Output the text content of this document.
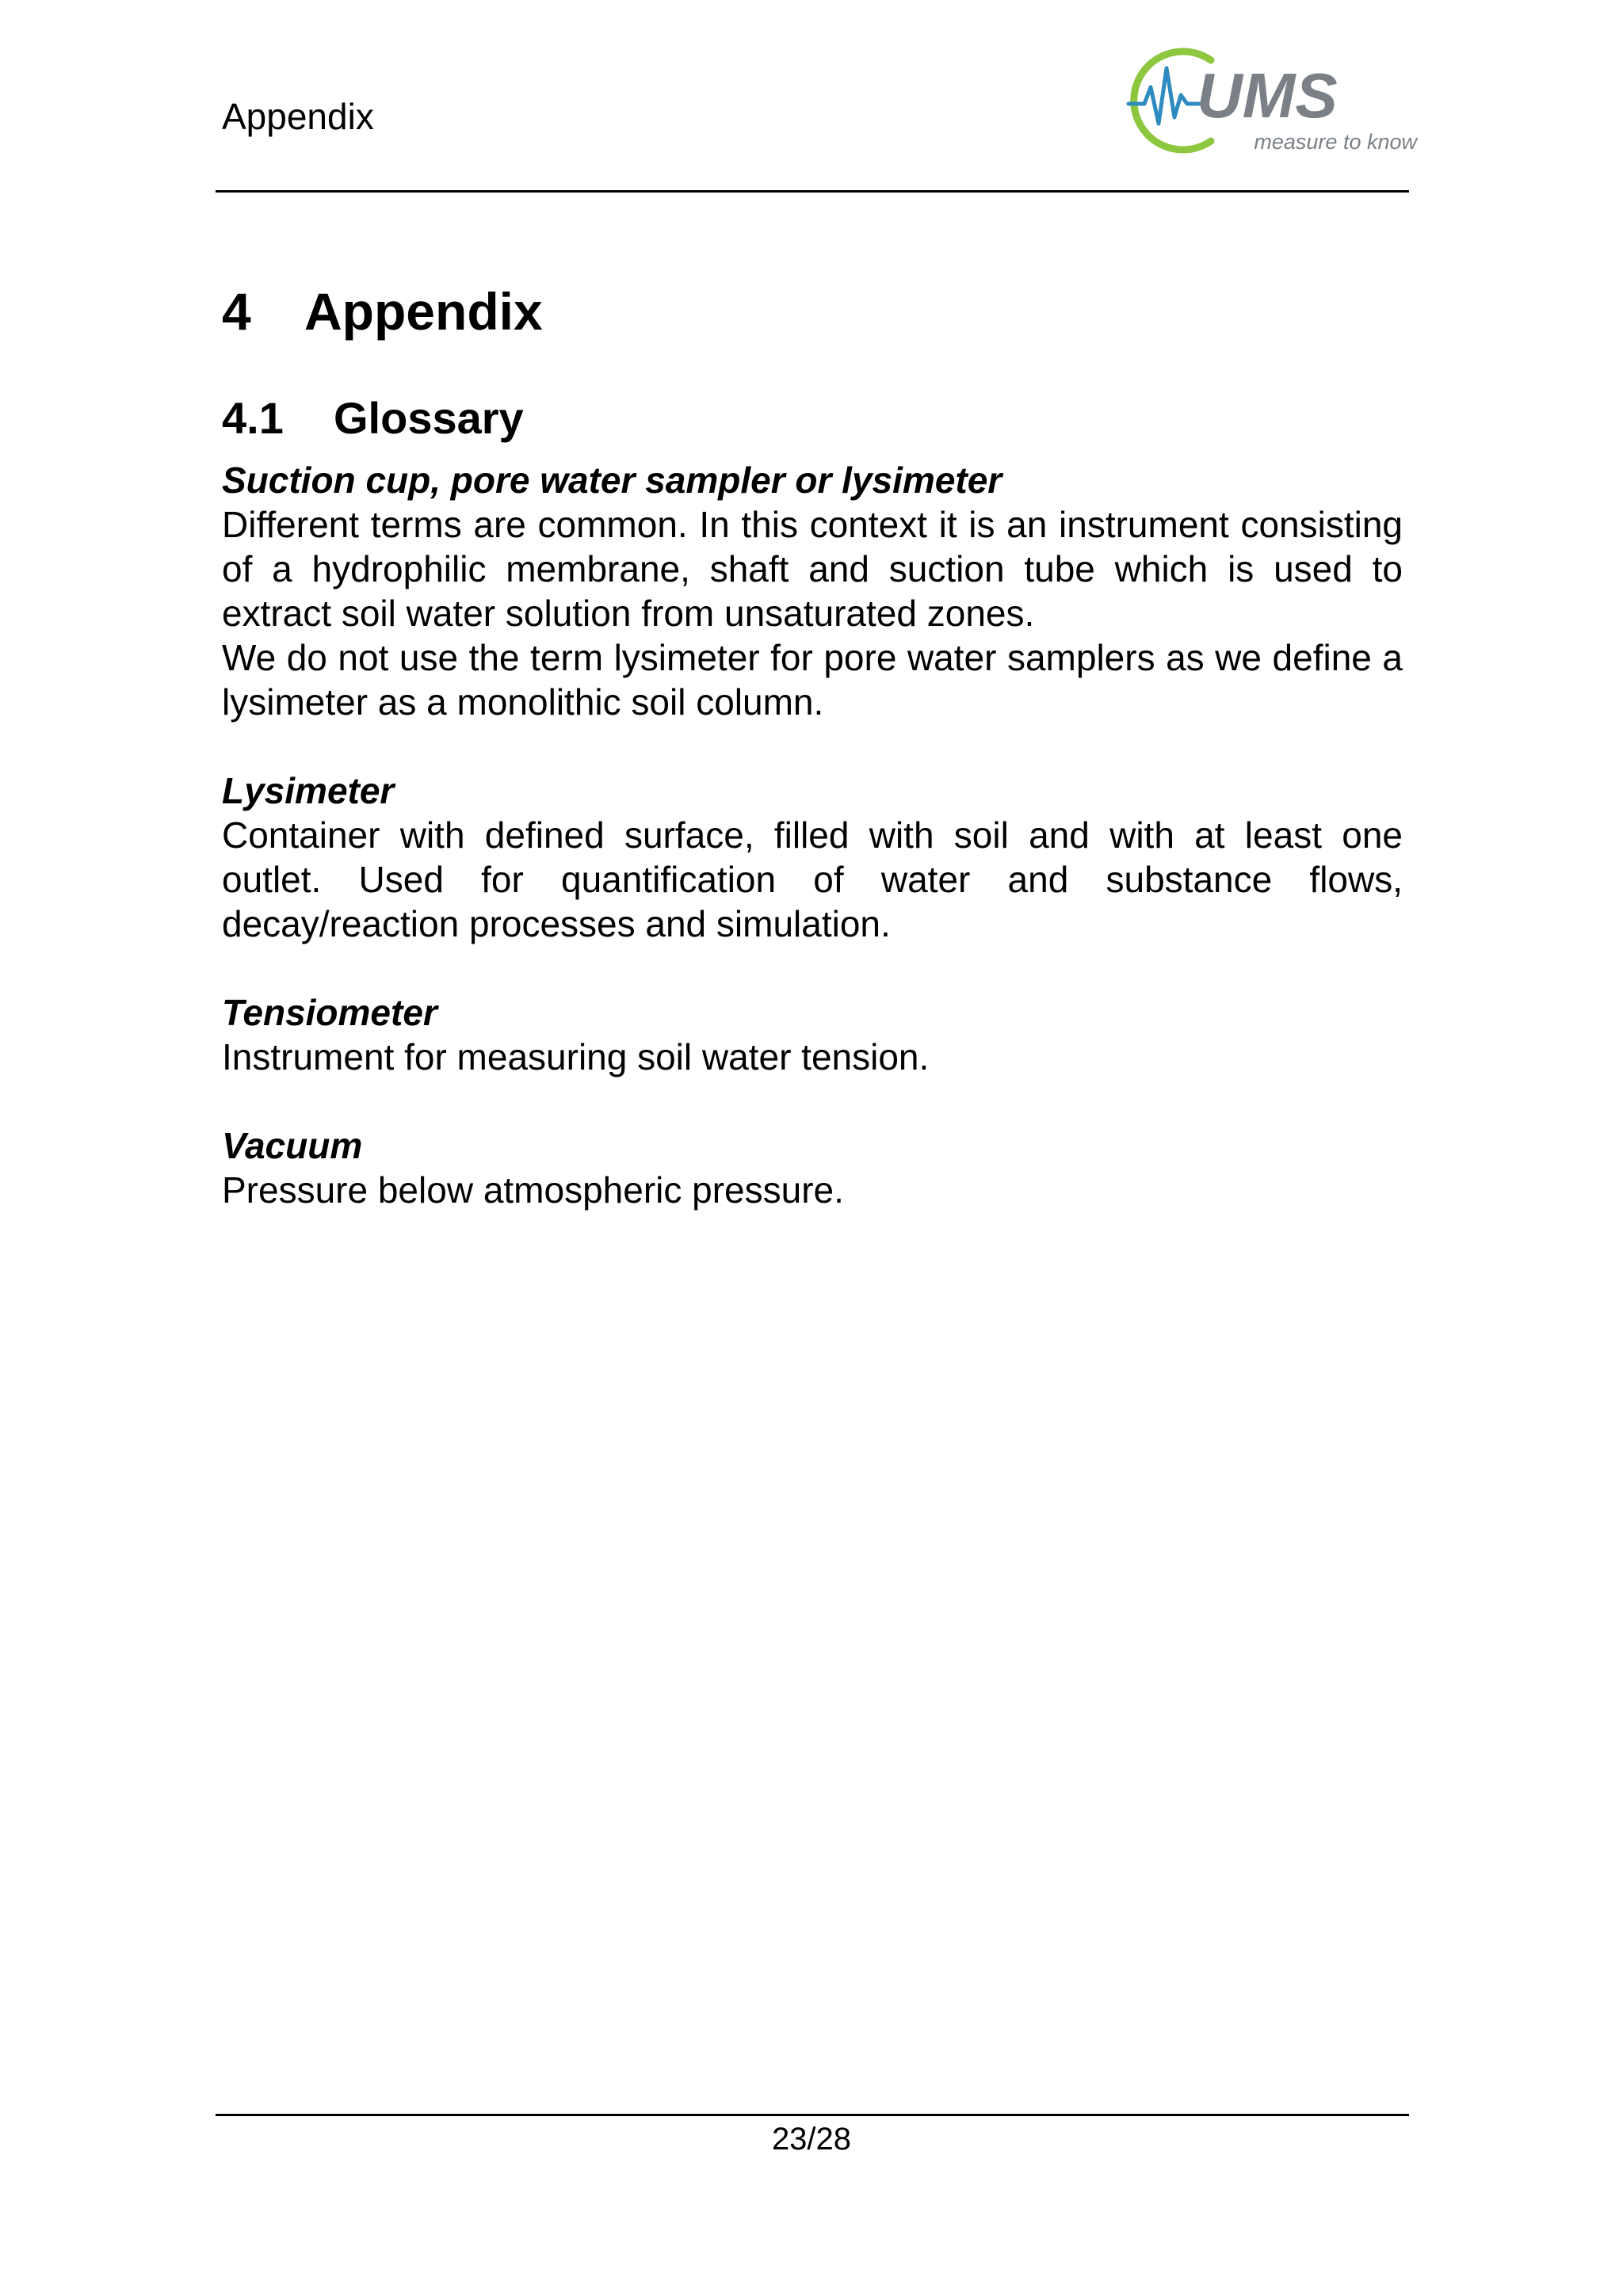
Appendix	UMS
measure to know
4 Appendix
4.1 Glossary
Suction cup, pore water sampler or lysimeter

Different terms are common. In this context it is an instrument consisting of a hydrophilic membrane, shaft and suction tube which is used to extract soil water solution from unsaturated zones.

We do not use the term lysimeter for pore water samplers as we define a lysimeter as a monolithic soil column.

Lysimeter

Container with defined surface, filled with soil and with at least one outlet. Used for quantification of water and substance flows, decay/reaction processes and simulation.

Tensiometer

Instrument for measuring soil water tension.

Vacuum

Pressure below atmospheric pressure.

23/28
